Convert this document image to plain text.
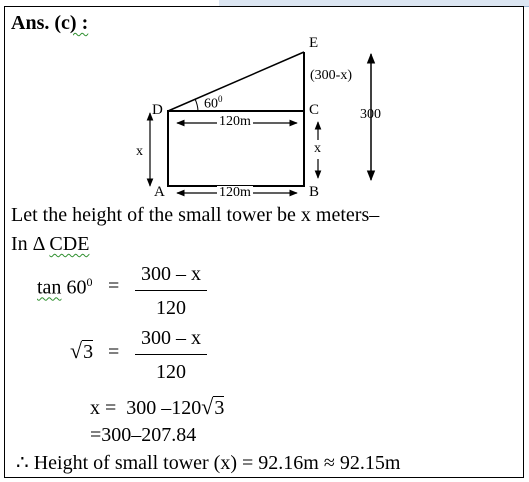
Ans. (c) :
D	C
E
A	B
$60^0$
120m
120m
x	x
(300-x)
300
Let the height of the small tower be x meters–
In Δ CDE
$\tan 60^0 = \frac{300 - x}{120}$
$√3 = \frac{300 - x}{120}$
x = 300 –120√3
=300–207.84
∴ Height of small tower (x) = 92.16m ≈ 92.15m
